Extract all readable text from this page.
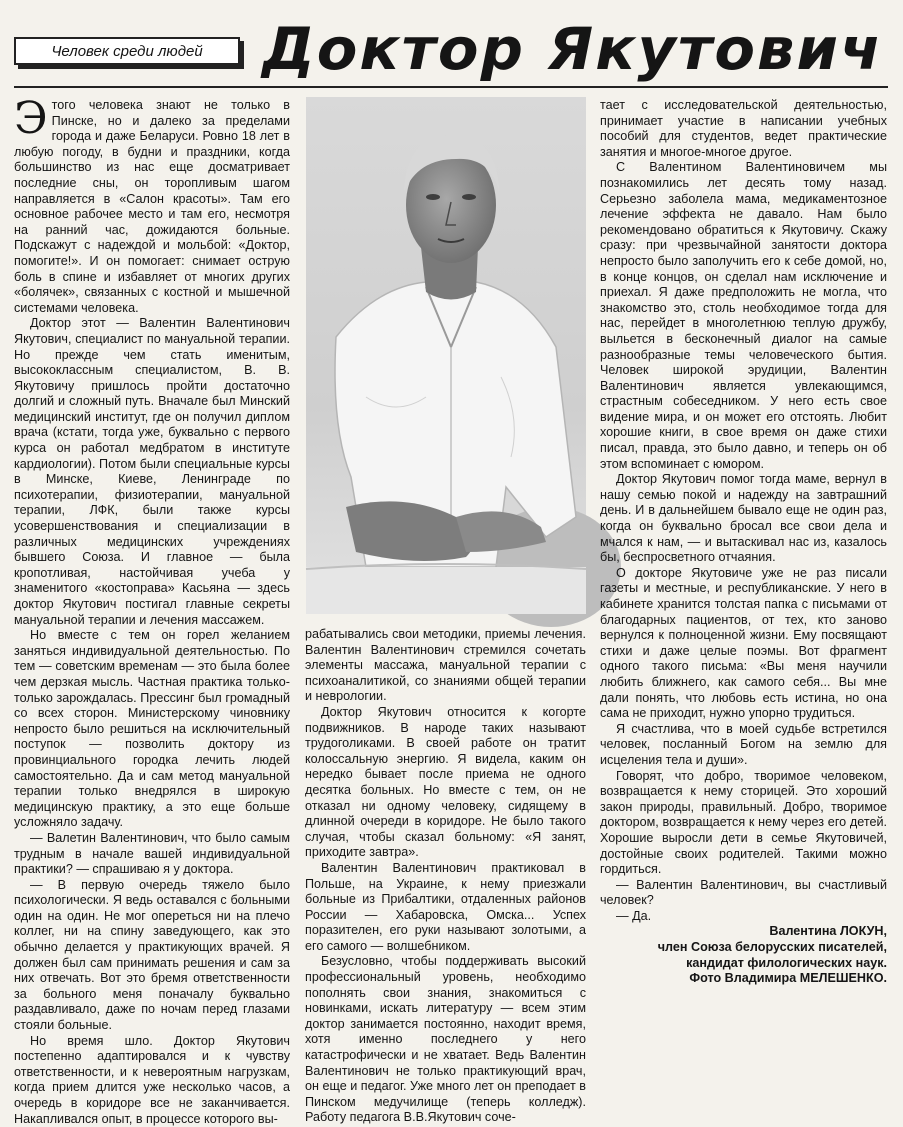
Человек среди людей	Доктор Якутович

Этого человека знают не только в Пинске, но и далеко за пределами города и даже Беларуси. Ровно 18 лет в любую погоду, в будни и праздники, когда большинство из нас еще досматривает последние сны, он торопливым шагом направляется в «Салон красоты». Там его основное рабочее место и там его, несмотря на ранний час, дожидаются больные. Подскажут с надеждой и мольбой: «Доктор, помогите!». И он помогает: снимает острую боль в спине и избавляет от многих других «болячек», связанных с костной и мышечной системами человека.

Доктор этот — Валентин Валентинович Якутович, специалист по мануальной терапии. Но прежде чем стать именитым, высококлассным специалистом, В. В. Якутовичу пришлось пройти достаточно долгий и сложный путь. Вначале был Минский медицинский институт, где он получил диплом врача (кстати, тогда уже, буквально с первого курса он работал медбратом в институте кардиологии). Потом были специальные курсы в Минске, Киеве, Ленинграде по психотерапии, физиотерапии, мануальной терапии, ЛФК, были также курсы усовершенствования и специализации в различных медицинских учреждениях бывшего Союза. И главное — была кропотливая, настойчивая учеба у знаменитого «костоправа» Касьяна — здесь доктор Якутович постигал главные секреты мануальной терапии и лечения массажем.

Но вместе с тем он горел желанием заняться индивидуальной деятельностью. По тем — советским временам — это была более чем дерзкая мысль. Частная практика только-только зарождалась. Прессинг был громадный со всех сторон. Министерскому чиновнику непросто было решиться на исключительный поступок — позволить доктору из провинциального городка лечить людей самостоятельно. Да и сам метод мануальной терапии только внедрялся в широкую медицинскую практику, а это еще больше усложняло задачу.

— Валетин Валентинович, что было самым трудным в начале вашей индивидуальной практики? — спрашиваю я у доктора.

— В первую очередь тяжело было психологически. Я ведь оставался с больными один на один. Не мог опереться ни на плечо коллег, ни на спину заведующего, как это обычно делается у практикующих врачей. Я должен был сам принимать решения и сам за них отвечать. Вот это бремя ответственности за больного меня поначалу буквально раздавливало, даже по ночам перед глазами стояли больные.

Но время шло. Доктор Якутович постепенно адаптировался и к чувству ответственности, и к невероятным нагрузкам, когда прием длится уже несколько часов, а очередь в коридоре все не заканчивается. Накапливался опыт, в процессе которого вы-

рабатывались свои методики, приемы лечения. Валентин Валентинович стремился сочетать элементы массажа, мануальной терапии с психоаналитикой, со знаниями общей терапии и неврологии.

Доктор Якутович относится к когорте подвижников. В народе таких называют трудоголиками. В своей работе он тратит колоссальную энергию. Я видела, каким он нередко бывает после приема не одного десятка больных. Но вместе с тем, он не отказал ни одному человеку, сидящему в длинной очереди в коридоре. Не было такого случая, чтобы сказал больному: «Я занят, приходите завтра».

Валентин Валентинович практиковал в Польше, на Украине, к нему приезжали больные из Прибалтики, отдаленных районов России — Хабаровска, Омска... Успех поразителен, его руки называют золотыми, а его самого — волшебником.

Безусловно, чтобы поддерживать высокий профессиональный уровень, необходимо пополнять свои знания, знакомиться с новинками, искать литературу — всем этим доктор занимается постоянно, находит время, хотя именно последнего у него катастрофически и не хватает. Ведь Валентин Валентинович не только практикующий врач, он еще и педагог. Уже много лет он преподает в Пинском медучилище (теперь колледж). Работу педагога В.В.Якутович соче-

тает с исследовательской деятельностью, принимает участие в написании учебных пособий для студентов, ведет практические занятия и многое-многое другое.

С Валентином Валентиновичем мы познакомились лет десять тому назад. Серьезно заболела мама, медикаментозное лечение эффекта не давало. Нам было рекомендовано обратиться к Якутовичу. Скажу сразу: при чрезвычайной занятости доктора непросто было заполучить его к себе домой, но, в конце концов, он сделал нам исключение и приехал. Я даже предположить не могла, что знакомство это, столь необходимое тогда для нас, перейдет в многолетнюю теплую дружбу, выльется в бесконечный диалог на самые разнообразные темы человеческого бытия. Человек широкой эрудиции, Валентин Валентинович является увлекающимся, страстным собеседником. У него есть свое видение мира, и он может его отстоять. Любит хорошие книги, в свое время он даже стихи писал, правда, это было давно, и теперь он об этом вспоминает с юмором.

Доктор Якутович помог тогда маме, вернул в нашу семью покой и надежду на завтрашний день. И в дальнейшем бывало еще не один раз, когда он буквально бросал все свои дела и мчался к нам, — и вытаскивал нас из, казалось бы, беспросветного отчаяния.

О докторе Якутовиче уже не раз писали газеты и местные, и республиканские. У него в кабинете хранится толстая папка с письмами от благодарных пациентов, от тех, кто заново вернулся к полноценной жизни. Ему посвящают стихи и даже целые поэмы. Вот фрагмент одного такого письма: «Вы меня научили любить ближнего, как самого себя... Вы мне дали понять, что любовь есть истина, но она сама не приходит, нужно упорно трудиться.

Я счастлива, что в моей судьбе встретился человек, посланный Богом на землю для исцеления тела и души».

Говорят, что добро, творимое человеком, возвращается к нему сторицей. Это хороший закон природы, правильный. Добро, творимое доктором, возвращается к нему через его детей. Хорошие выросли дети в семье Якутовичей, достойные своих родителей. Такими можно гордиться.

— Валентин Валентинович, вы счастливый человек?

— Да.

Валентина ЛОКУН,

член Союза белорусских писателей,

кандидат филологических наук.

Фото Владимира МЕЛЕШЕНКО.
